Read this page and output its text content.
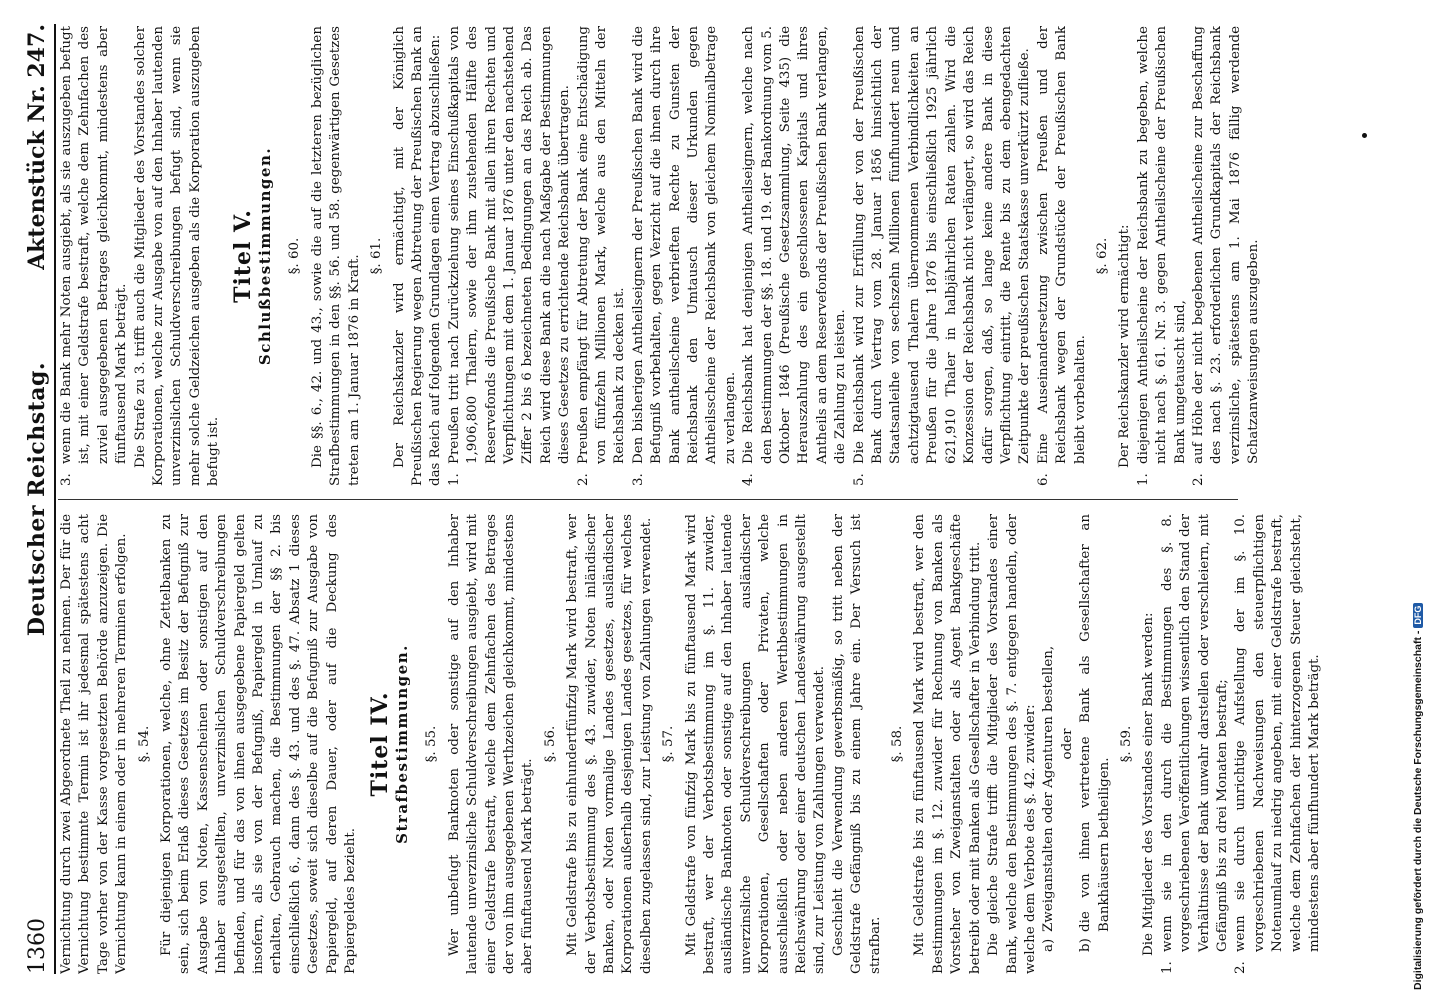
1360
Deutscher Reichstag.
Aktenstück Nr. 247.

Vernichtung durch zwei Abgeordnete Theil zu nehmen. Der für die Vernichtung bestimmte Termin ist ihr jedesmal spätestens acht Tage vorher von der Kasse vorgesetzten Behörde anzuzeigen. Die Vernichtung kann in einem oder in mehreren Terminen erfolgen. §. 54. Für diejenigen Korporationen, welche, ohne Zettelbanken zu sein, sich beim Erlaß dieses Gesetzes im Besitz der Befugniß zur Ausgabe von Noten, Kassenscheinen oder sonstigen auf den Inhaber ausgestellten, unverzinslichen Schuldverschreibungen befinden, und für das von ihnen ausgegebene Papiergeld gelten insofern, als sie von der Befugniß, Papiergeld in Umlauf zu erhalten, Gebrauch machen, die Bestimmungen der §§ 2. bis einschließlich 6., dann des §. 43. und des §. 47. Absatz 1 dieses Gesetzes, soweit sich dieselbe auf die Befugniß zur Ausgabe von Papiergeld, auf deren Dauer, oder auf die Deckung des Papiergeldes bezieht.

Titel IV. Strafbestimmungen. §. 55. Wer unbefugt Banknoten oder sonstige auf den Inhaber lautende unverzinsliche Schuldverschreibungen ausgiebt, wird mit einer Geldstrafe bestraft, welche dem Zehnfachen des Betrages der von ihm ausgegebenen Werthzeichen gleichkommt, mindestens aber fünftausend Mark beträgt.

§. 56. Mit Geldstrafe bis zu einhundertfünfzig Mark wird bestraft, wer der Verbotsbestimmung des §. 43. zuwider, Noten inländischer Banken, oder Noten vormalige Landes gesetzes, ausländischer Korporationen außerhalb desjenigen Landes gesetzes, für welches dieselben zugelassen sind, zur Leistung von Zahlungen verwendet. §. 57. Mit Geldstrafe von fünfzig Mark bis zu fünftausend Mark wird bestraft, wer der Verbotsbestimmung im §. 11. zuwider, ausländische Banknoten oder sonstige auf den Inhaber lautende unverzinsliche Schuldverschreibungen ausländischer Korporationen, Gesellschaften oder Privaten, welche ausschließlich oder neben anderen Werthbestimmungen in Reichswährung oder einer deutschen Landeswährung ausgestellt sind, zur Leistung von Zahlungen verwendet. Geschieht die Verwendung gewerbsmäßig, so tritt neben der Geldstrafe Gefängniß bis zu einem Jahre ein. Der Versuch ist strafbar.

§. 58. Mit Geldstrafe bis zu fünftausend Mark wird bestraft, wer den Bestimmungen im §. 12. zuwider für Rechnung von Banken als Vorsteher von Zweiganstalten oder als Agent Bankgeschäfte betreibt oder mit Banken als Gesellschafter in Verbindung tritt. Die gleiche Strafe trifft die Mitglieder des Vorstandes einer Bank, welche den Bestimmungen des §. 7. entgegen handeln, oder welche dem Verbote des §. 42. zuwider: a)
Zweiganstalten oder Agenturen bestellen, oder

b)
die von ihnen vertretene Bank als Gesellschafter an Bankhäusern betheiligen.

§. 59. Die Mitglieder des Vorstandes einer Bank werden:

1.
wenn sie in den durch die Bestimmungen des §. 8. vorgeschriebenen Veröffentlichungen wissentlich den Stand der Verhältnisse der Bank unwahr darstellen oder verschleiern, mit Gefängniß bis zu drei Monaten bestraft;
2.
wenn sie durch unrichtige Aufstellung der im §. 10. vorgeschriebenen Nachweisungen den steuerpflichtigen Notenumlauf zu niedrig angeben, mit einer Geldstrafe bestraft, welche dem Zehnfachen der hinterzogenen Steuer gleichsteht, mindestens aber fünfhundert Mark beträgt.
3.
wenn die Bank mehr Noten ausgiebt, als sie auszugeben befugt ist, mit einer Geldstrafe bestraft, welche dem Zehnfachen des zuviel ausgegebenen Betrages gleichkommt, mindestens aber fünftausend Mark beträgt. Die Strafe zu 3. trifft auch die Mitglieder des Vorstandes solcher Korporationen, welche zur Ausgabe von auf den Inhaber lautenden unverzinslichen Schuldverschreibungen befugt sind, wenn sie mehr solche Geldzeichen ausgeben als die Korporation auszugeben befugt ist.

Titel V. Schlußbestimmungen. §. 60. Die §§. 6., 42. und 43., sowie die auf die letzteren bezüglichen Strafbestimmungen in den §§. 56. und 58. gegenwärtigen Gesetzes treten am 1. Januar 1876 in Kraft. §. 61. Der Reichskanzler wird ermächtigt, mit der Königlich Preußischen Regierung wegen Abtretung der Preußischen Bank an das Reich auf folgenden Grundlagen einen Vertrag abzuschließen: 1.
Preußen tritt nach Zurückziehung seines Einschußkapitals von 1,906,800 Thalern, sowie der ihm zustehenden Hälfte des Reservefonds die Preußische Bank mit allen ihren Rechten und Verpflichtungen mit dem 1. Januar 1876 unter den nachstehend Ziffer 2 bis 6 bezeichneten Bedingungen an das Reich ab. Das Reich wird diese Bank an die nach Maßgabe der Bestimmungen dieses Gesetzes zu errichtende Reichsbank übertragen.
2.
Preußen empfängt für Abtretung der Bank eine Entschädigung von fünfzehn Millionen Mark, welche aus den Mitteln der Reichsbank zu decken ist.
3.
Den bisherigen Antheilseignern der Preußischen Bank wird die Befugniß vorbehalten, gegen Verzicht auf die ihnen durch ihre Bank antheilscheine verbrieften Rechte zu Gunsten der Reichsbank den Umtausch dieser Urkunden gegen Antheilsscheine der Reichsbank von gleichem Nominalbetrage zu verlangen.
4.
Die Reichsbank hat denjenigen Antheilseignern, welche nach den Bestimmungen der §§. 18. und 19. der Bankordnung vom 5. Oktober 1846 (Preußische Gesetzsammlung, Seite 435) die Herauszahlung des ein geschlossenen Kapitals und ihres Antheils an dem Reservefonds der Preußischen Bank verlangen, die Zahlung zu leisten.
5.
Die Reichsbank wird zur Erfüllung der von der Preußischen Bank durch Vertrag vom 28. Januar 1856 hinsichtlich der Staatsanleihe von sechszehn Millionen fünfhundert neun und achtzigtausend Thalern übernommenen Verbindlichkeiten an Preußen für die Jahre 1876 bis einschließlich 1925 jährlich 621,910 Thaler in halbjährlichen Raten zahlen. Wird die Konzession der Reichsbank nicht verlängert, so wird das Reich dafür sorgen, daß, so lange keine andere Bank in diese Verpflichtung eintritt, die Rente bis zu dem ebengedachten Zeitpunkte der preußischen Staatskasse unverkürzt zufließe.
6.
Eine Auseinandersetzung zwischen Preußen und der Reichsbank wegen der Grundstücke der Preußischen Bank bleibt vorbehalten.

§. 62. Der Reichskanzler wird ermächtigt:

1.
diejenigen Antheilscheine der Reichsbank zu begeben, welche nicht nach §. 61. Nr. 3. gegen Antheilscheine der Preußischen Bank umgetauscht sind,
2.
auf Höhe der nicht begebenen Antheilscheine zur Beschaffung des nach §. 23. erforderlichen Grundkapitals der Reichsbank verzinsliche, spätestens am 1. Mai 1876 fällig werdende Schatzanweisungen auszugeben.
Digitalisierung gefördert durch die Deutsche Forschungsgemeinschaft -
DFG
